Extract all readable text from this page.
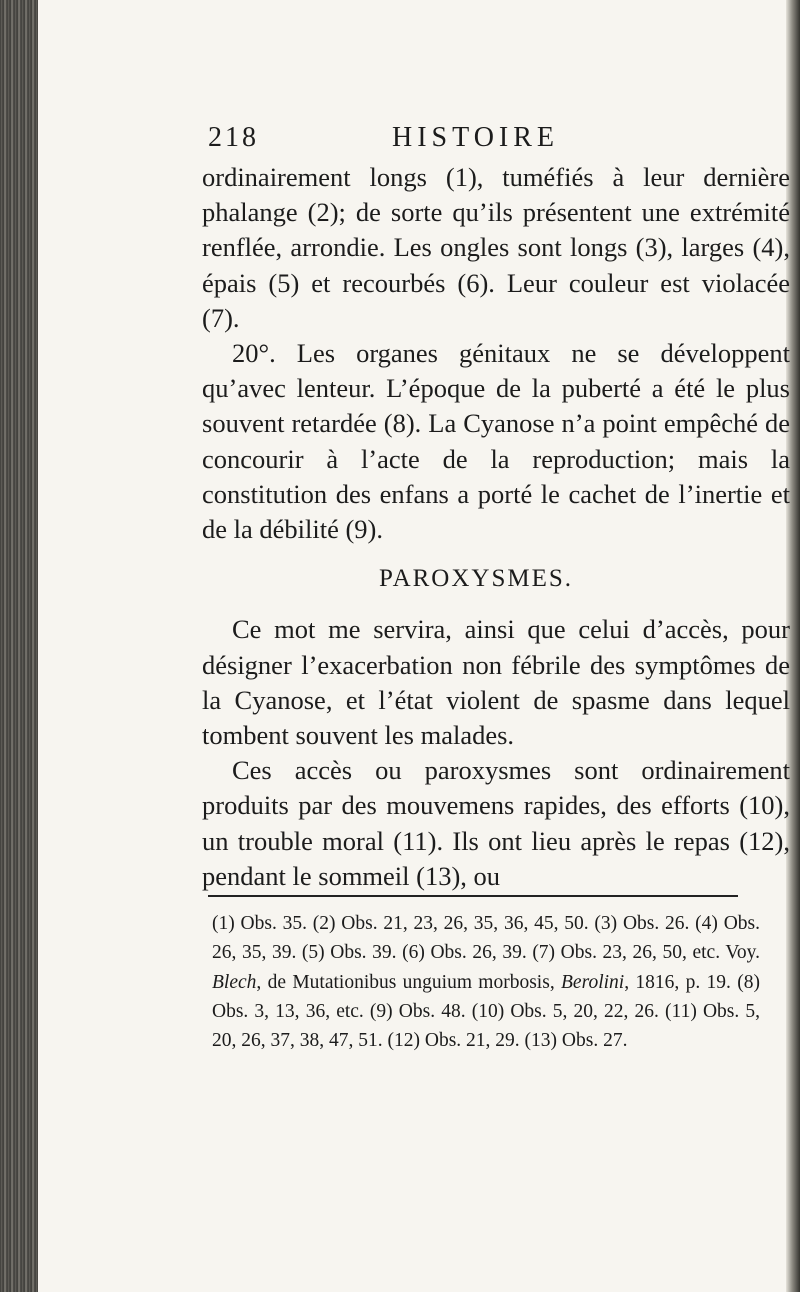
218	HISTOIRE

ordinairement longs (1), tuméfiés à leur dernière phalange (2); de sorte qu’ils présentent une extrémité renflée, arrondie. Les ongles sont longs (3), larges (4), épais (5) et recourbés (6). Leur couleur est violacée (7).

20°. Les organes génitaux ne se développent qu’avec lenteur. L’époque de la puberté a été le plus souvent retardée (8). La Cyanose n’a point empêché de concourir à l’acte de la reproduction; mais la constitution des enfans a porté le cachet de l’inertie et de la débilité (9).

PAROXYSMES.

Ce mot me servira, ainsi que celui d’accès, pour désigner l’exacerbation non fébrile des symptômes de la Cyanose, et l’état violent de spasme dans lequel tombent souvent les malades.

Ces accès ou paroxysmes sont ordinairement produits par des mouvemens rapides, des efforts (10), un trouble moral (11). Ils ont lieu après le repas (12), pendant le sommeil (13), ou

(1) Obs. 35. (2) Obs. 21, 23, 26, 35, 36, 45, 50. (3) Obs. 26. (4) Obs. 26, 35, 39. (5) Obs. 39. (6) Obs. 26, 39. (7) Obs. 23, 26, 50, etc. Voy. Blech, de Mutationibus unguium morbosis, Berolini, 1816, p. 19. (8) Obs. 3, 13, 36, etc. (9) Obs. 48. (10) Obs. 5, 20, 22, 26. (11) Obs. 5, 20, 26, 37, 38, 47, 51. (12) Obs. 21, 29. (13) Obs. 27.
